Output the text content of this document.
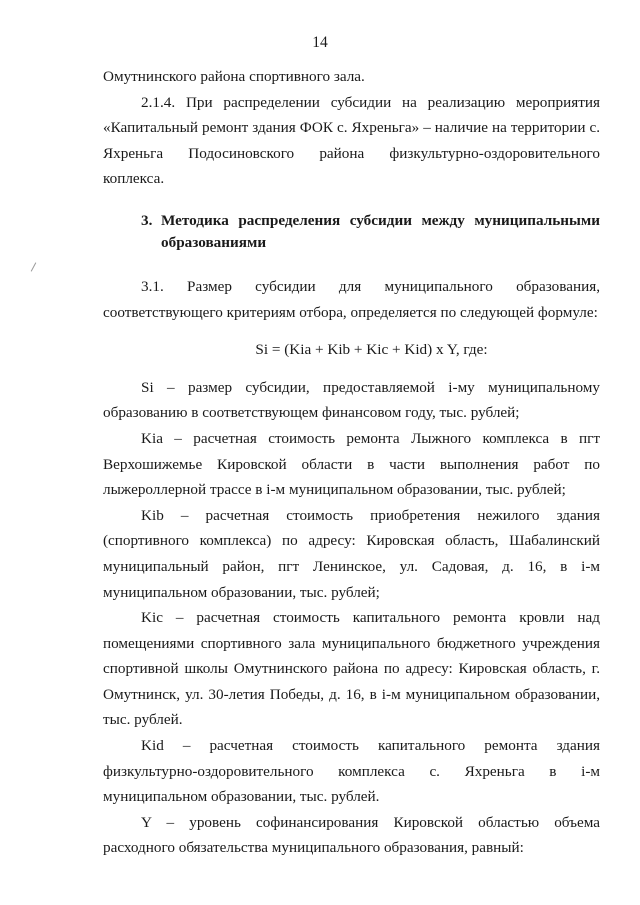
14

Омутнинского района спортивного зала.

2.1.4. При распределении субсидии на реализацию мероприятия «Капитальный ремонт здания ФОК с. Яхреньга» – наличие на территории с. Яхреньга Подосиновского района физкультурно-оздоровительного коплекса.

3. Методика распределения субсидии между муниципальными образованиями

3.1. Размер субсидии для муниципального образования, соответствующего критериям отбора, определяется по следующей формуле:

Si = (Kia + Kib + Kic + Kid) x Y, где:

Si – размер субсидии, предоставляемой i-му муниципальному образованию в соответствующем финансовом году, тыс. рублей;

Kia – расчетная стоимость ремонта Лыжного комплекса в пгт Верхошижемье Кировской области в части выполнения работ по лыжероллерной трассе в i-м муниципальном образовании, тыс. рублей;

Kib – расчетная стоимость приобретения нежилого здания (спортивного комплекса) по адресу: Кировская область, Шабалинский муниципальный район, пгт Ленинское, ул. Садовая, д. 16, в i-м муниципальном образовании, тыс. рублей;

Kic – расчетная стоимость капитального ремонта кровли над помещениями спортивного зала муниципального бюджетного учреждения спортивной школы Омутнинского района по адресу: Кировская область, г. Омутнинск, ул. 30-летия Победы, д. 16, в i-м муниципальном образовании, тыс. рублей.

Kid – расчетная стоимость капитального ремонта здания физкультурно-оздоровительного комплекса с. Яхреньга в i-м муниципальном образовании, тыс. рублей.

Y – уровень софинансирования Кировской областью объема расходного обязательства муниципального образования, равный:
